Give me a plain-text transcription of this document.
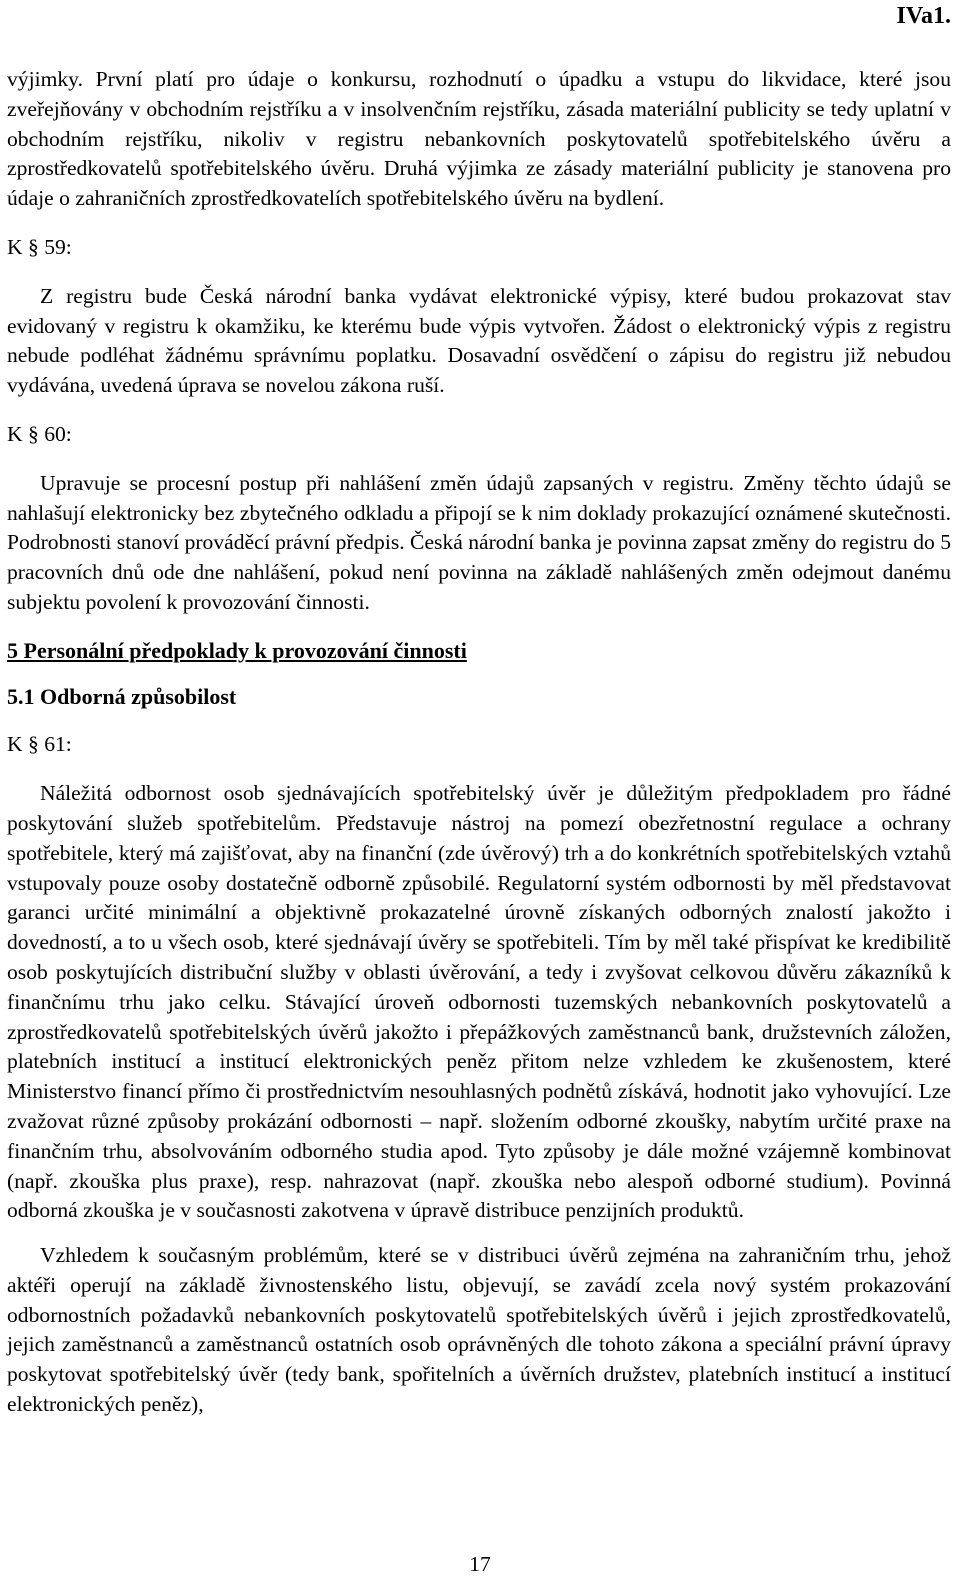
IVa1.

výjimky. První platí pro údaje o konkursu, rozhodnutí o úpadku a vstupu do likvidace, které jsou zveřejňovány v obchodním rejstříku a v insolvenčním rejstříku, zásada materiální publicity se tedy uplatní v obchodním rejstříku, nikoliv v registru nebankovních poskytovatelů spotřebitelského úvěru a zprostředkovatelů spotřebitelského úvěru. Druhá výjimka ze zásady materiální publicity je stanovena pro údaje o zahraničních zprostředkovatelích spotřebitelského úvěru na bydlení.

K § 59:

Z registru bude Česká národní banka vydávat elektronické výpisy, které budou prokazovat stav evidovaný v registru k okamžiku, ke kterému bude výpis vytvořen. Žádost o elektronický výpis z registru nebude podléhat žádnému správnímu poplatku. Dosavadní osvědčení o zápisu do registru již nebudou vydávána, uvedená úprava se novelou zákona ruší.

K § 60:

Upravuje se procesní postup při nahlášení změn údajů zapsaných v registru. Změny těchto údajů se nahlašují elektronicky bez zbytečného odkladu a připojí se k nim doklady prokazující oznámené skutečnosti. Podrobnosti stanoví prováděcí právní předpis. Česká národní banka je povinna zapsat změny do registru do 5 pracovních dnů ode dne nahlášení, pokud není povinna na základě nahlášených změn odejmout danému subjektu povolení k provozování činnosti.

5 Personální předpoklady k provozování činnosti
5.1 Odborná způsobilost
K § 61:

Náležitá odbornost osob sjednávajících spotřebitelský úvěr je důležitým předpokladem pro řádné poskytování služeb spotřebitelům. Představuje nástroj na pomezí obezřetnostní regulace a ochrany spotřebitele, který má zajišťovat, aby na finanční (zde úvěrový) trh a do konkrétních spotřebitelských vztahů vstupovaly pouze osoby dostatečně odborně způsobilé. Regulatorní systém odbornosti by měl představovat garanci určité minimální a objektivně prokazatelné úrovně získaných odborných znalostí jakožto i dovedností, a to u všech osob, které sjednávají úvěry se spotřebiteli. Tím by měl také přispívat ke kredibilitě osob poskytujících distribuční služby v oblasti úvěrování, a tedy i zvyšovat celkovou důvěru zákazníků k finančnímu trhu jako celku. Stávající úroveň odbornosti tuzemských nebankovních poskytovatelů a zprostředkovatelů spotřebitelských úvěrů jakožto i přepážkových zaměstnanců bank, družstevních záložen, platebních institucí a institucí elektronických peněz přitom nelze vzhledem ke zkušenostem, které Ministerstvo financí přímo či prostřednictvím nesouhlasných podnětů získává, hodnotit jako vyhovující. Lze zvažovat různé způsoby prokázání odbornosti – např. složením odborné zkoušky, nabytím určité praxe na finančním trhu, absolvováním odborného studia apod. Tyto způsoby je dále možné vzájemně kombinovat (např. zkouška plus praxe), resp. nahrazovat (např. zkouška nebo alespoň odborné studium). Povinná odborná zkouška je v současnosti zakotvena v úpravě distribuce penzijních produktů.

Vzhledem k současným problémům, které se v distribuci úvěrů zejména na zahraničním trhu, jehož aktéři operují na základě živnostenského listu, objevují, se zavádí zcela nový systém prokazování odbornostních požadavků nebankovních poskytovatelů spotřebitelských úvěrů i jejich zprostředkovatelů, jejich zaměstnanců a zaměstnanců ostatních osob oprávněných dle tohoto zákona a speciální právní úpravy poskytovat spotřebitelský úvěr (tedy bank, spořitelních a úvěrních družstev, platebních institucí a institucí elektronických peněz),

17
